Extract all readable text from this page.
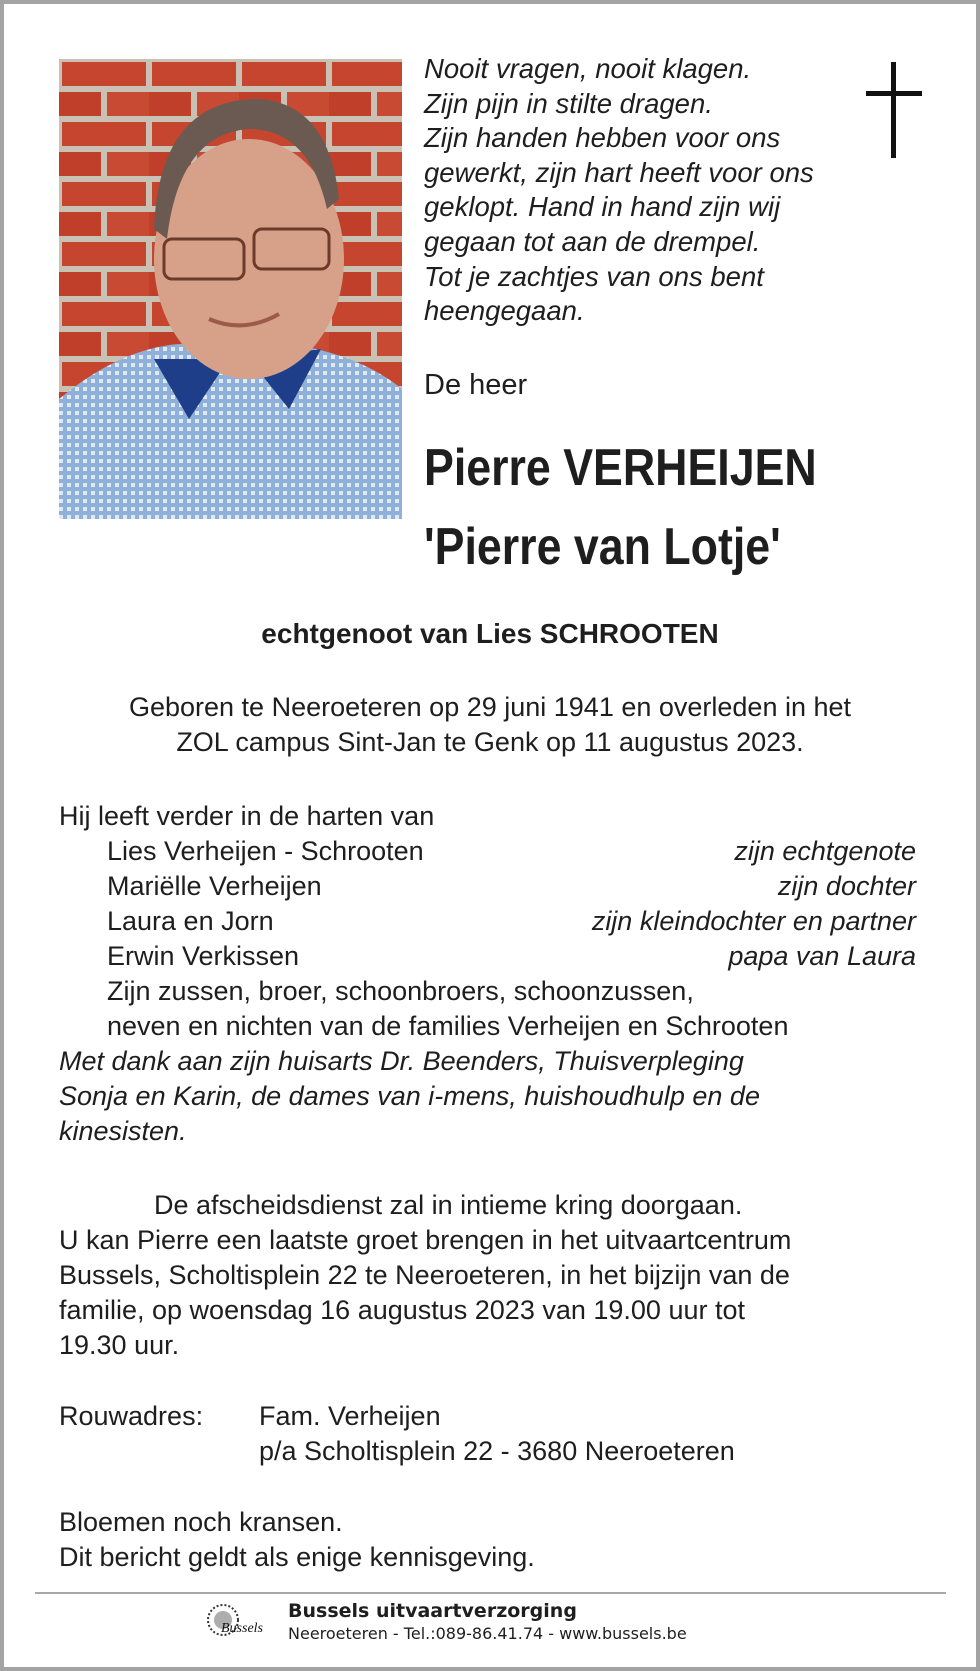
Nooit vragen, nooit klagen.
Zijn pijn in stilte dragen.
Zijn handen hebben voor ons
gewerkt, zijn hart heeft voor ons
geklopt. Hand in hand zijn wij
gegaan tot aan de drempel.
Tot je zachtjes van ons bent
heengegaan.
De heer
Pierre VERHEIJEN
'Pierre van Lotje'
echtgenoot van Lies SCHROOTEN
Geboren te Neeroeteren op 29 juni 1941 en overleden in het
ZOL campus Sint-Jan te Genk op 11 augustus 2023.
Hij leeft verder in de harten van
Lies Verheijen - Schrooten	zijn echtgenote
Mariëlle Verheijen	zijn dochter
Laura en Jorn	zijn kleindochter en partner
Erwin Verkissen	papa van Laura
Zijn zussen, broer, schoonbroers, schoonzussen,
neven en nichten van de families Verheijen en Schrooten
Met dank aan zijn huisarts Dr. Beenders, Thuisverpleging
Sonja en Karin, de dames van i-mens, huishoudhulp en de
kinesisten.
De afscheidsdienst zal in intieme kring doorgaan.
U kan Pierre een laatste groet brengen in het uitvaartcentrum
Bussels, Scholtisplein 22 te Neeroeteren, in het bijzijn van de
familie, op woensdag 16 augustus 2023 van 19.00 uur tot
19.30 uur.
Rouwadres: Fam. Verheijen
p/a Scholtisplein 22 - 3680 Neeroeteren
Bloemen noch kransen.
Dit bericht geldt als enige kennisgeving.
Bussels
Bussels uitvaartverzorging
Neeroeteren - Tel.:089-86.41.74 - www.bussels.be
